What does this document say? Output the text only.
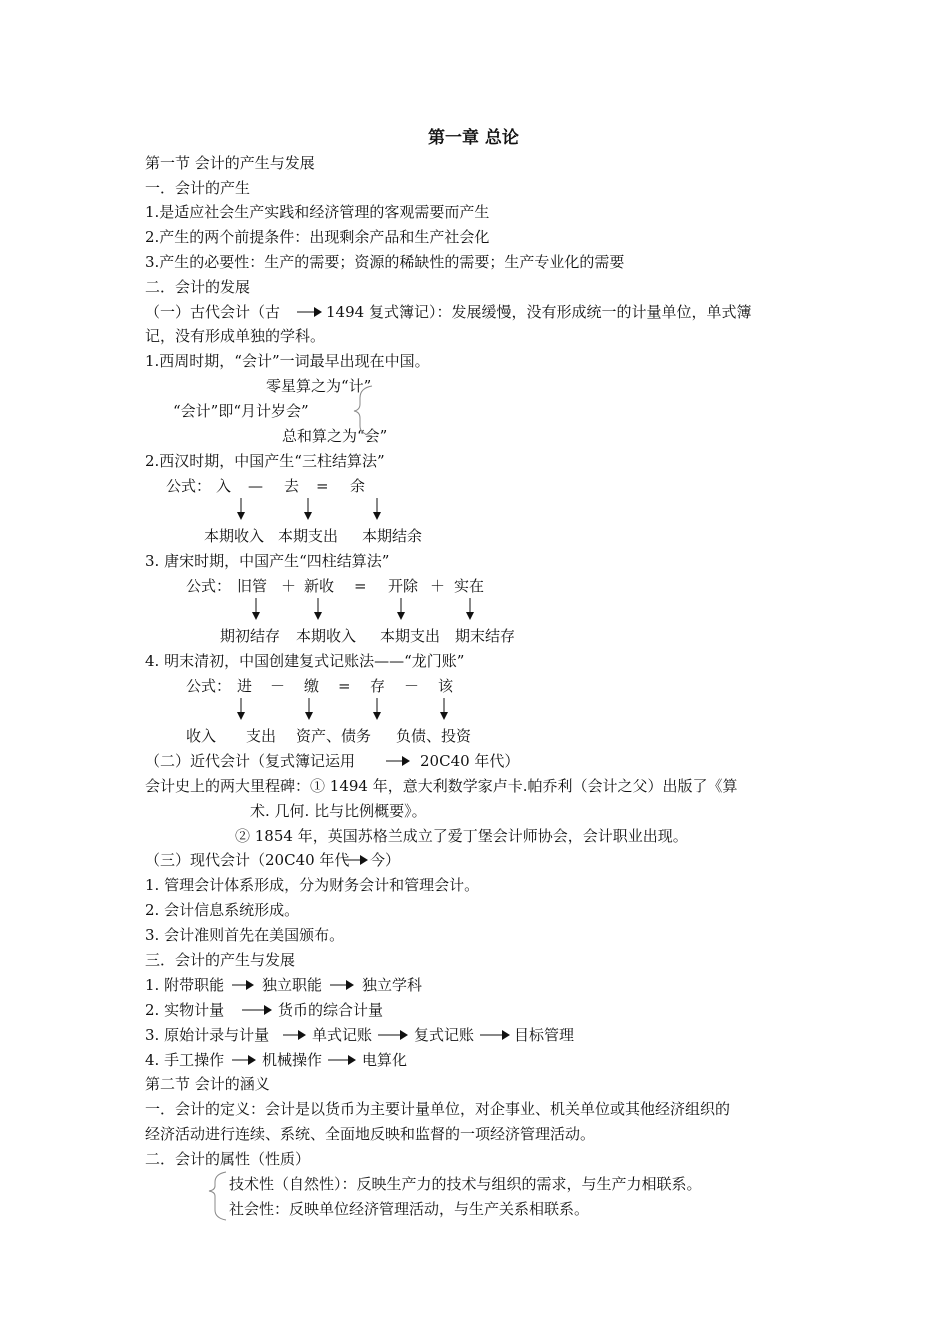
第一章 总论
第一节 会计的产生与发展
一．会计的产生
1.是适应社会生产实践和经济管理的客观需要而产生
2.产生的两个前提条件：出现剩余产品和生产社会化
3.产生的必要性：生产的需要；资源的稀缺性的需要；生产专业化的需要
二．会计的发展
（一）古代会计（古	1494 复式簿记）：发展缓慢，没有形成统一的计量单位，单式簿
记，没有形成单独的学科。
1.西周时期，“会计”一词最早出现在中国。
零星算之为“计”
“会计”即“月计岁会”
总和算之为“会”
2.西汉时期，中国产生“三柱结算法”
公式： 入 — 去 = 余
本期收入 本期支出 本期结余
3. 唐宋时期，中国产生“四柱结算法”
公式： 旧管 ＋ 新收 = 开除 ＋ 实在
期初结存 本期收入 本期支出 期末结存
4. 明末清初，中国创建复式记账法——“龙门账”
公式： 进 － 缴 = 存 － 该
收入 支出 资产、债务 负债、投资
（二）近代会计（复式簿记运用	20C40 年代）
会计史上的两大里程碑：① 1494 年，意大利数学家卢卡.帕乔利（会计之父）出版了《算
术. 几何. 比与比例概要》。
② 1854 年，英国苏格兰成立了爱丁堡会计师协会，会计职业出现。
（三）现代会计（20C40 年代 今）
1. 管理会计体系形成，分为财务会计和管理会计。
2. 会计信息系统形成。
3. 会计准则首先在美国颁布。
三．会计的产生与发展
1. 附带职能	独立职能	独立学科
2. 实物计量	货币的综合计量
3. 原始计录与计量	单式记账	复式记账	目标管理
4. 手工操作	机械操作	电算化
第二节 会计的涵义
一．会计的定义：会计是以货币为主要计量单位，对企事业、机关单位或其他经济组织的
经济活动进行连续、系统、全面地反映和监督的一项经济管理活动。
二．会计的属性（性质）
技术性（自然性）：反映生产力的技术与组织的需求，与生产力相联系。
社会性：反映单位经济管理活动，与生产关系相联系。
